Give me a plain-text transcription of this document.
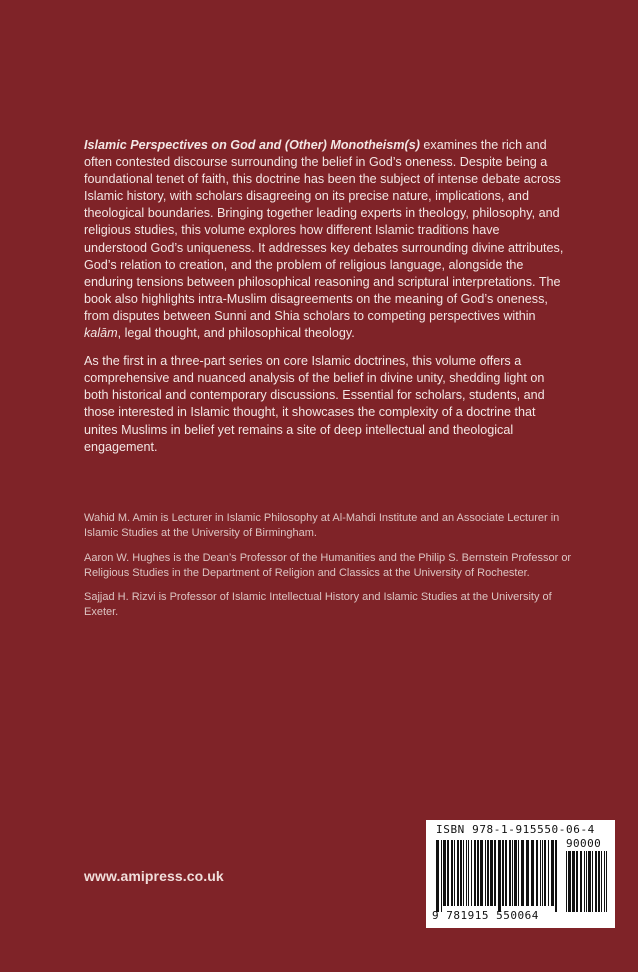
Islamic Perspectives on God and (Other) Monotheism(s) examines the rich and often contested discourse surrounding the belief in God’s oneness. Despite being a foundational tenet of faith, this doctrine has been the subject of intense debate across Islamic history, with scholars disagreeing on its precise nature, implications, and theological boundaries. Bringing together leading experts in theology, philosophy, and religious studies, this volume explores how different Islamic traditions have understood God’s uniqueness. It addresses key debates surrounding divine attributes, God’s relation to creation, and the problem of religious language, alongside the enduring tensions between philosophical reasoning and scriptural interpretations. The book also highlights intra-Muslim disagreements on the meaning of God’s oneness, from disputes between Sunni and Shia scholars to competing perspectives within kalām, legal thought, and philosophical theology.

As the first in a three-part series on core Islamic doctrines, this volume offers a comprehensive and nuanced analysis of the belief in divine unity, shedding light on both historical and contemporary discussions. Essential for scholars, students, and those interested in Islamic thought, it showcases the complexity of a doctrine that unites Muslims in belief yet remains a site of deep intellectual and theological engagement.

Wahid M. Amin is Lecturer in Islamic Philosophy at Al-Mahdi Institute and an Associate Lecturer in Islamic Studies at the University of Birmingham.

Aaron W. Hughes is the Dean’s Professor of the Humanities and the Philip S. Bernstein Professor or Religious Studies in the Department of Religion and Classics at the University of Rochester.

Sajjad H. Rizvi is Professor of Islamic Intellectual History and Islamic Studies at the University of Exeter.

www.amipress.co.uk
ISBN 978-1-915550-06-4
90000
9 781915 550064
